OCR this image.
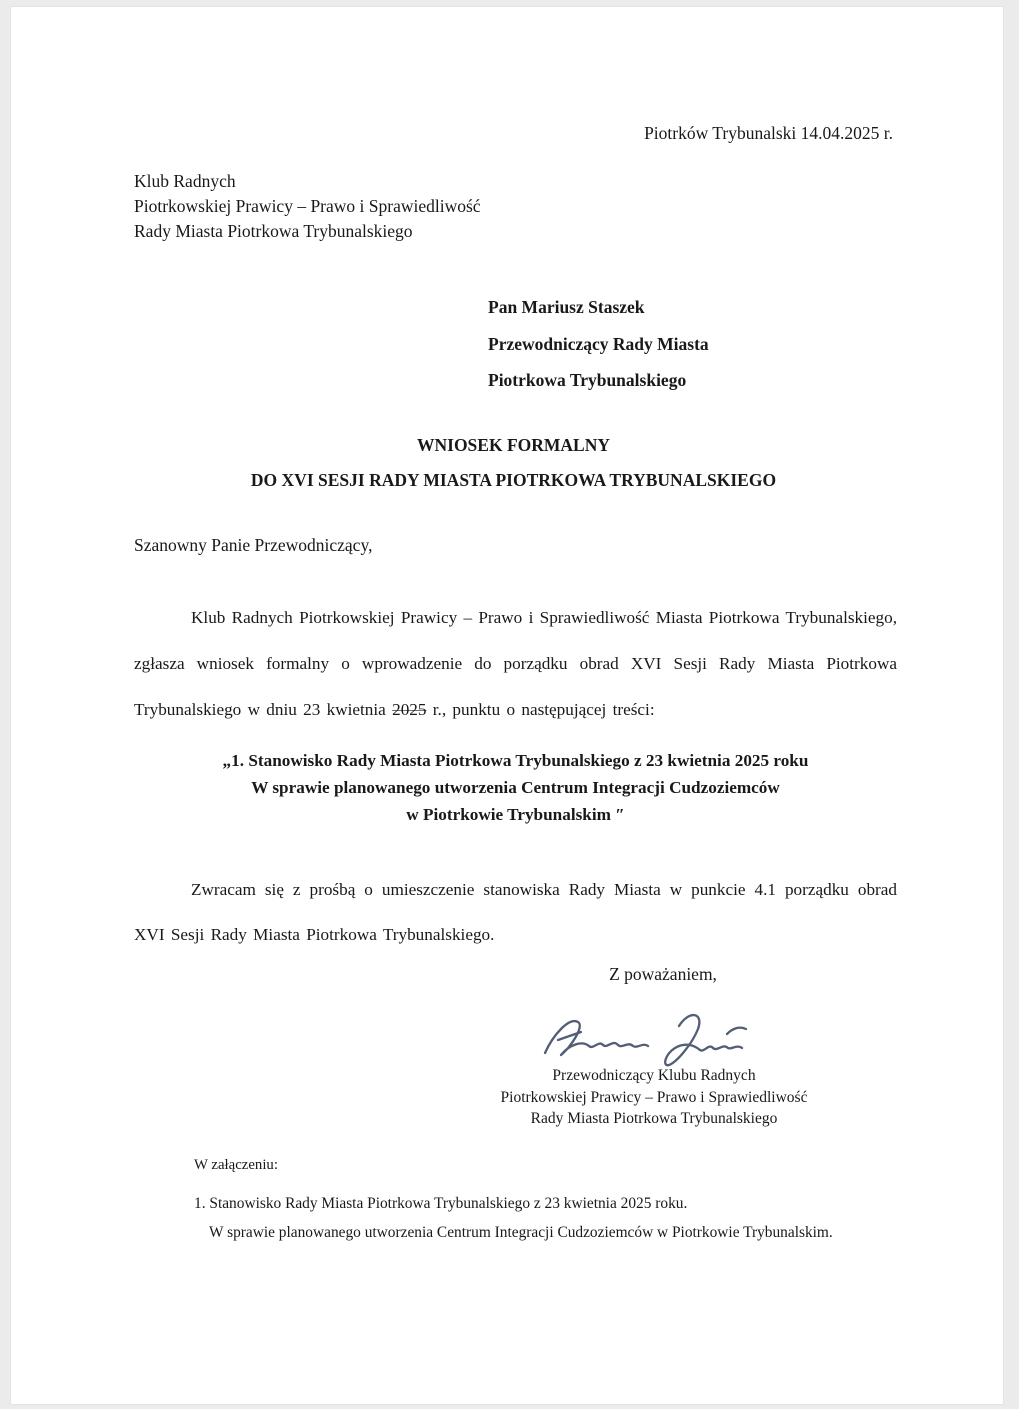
Piotrków Trybunalski 14.04.2025 r.
Klub Radnych
Piotrkowskiej Prawicy – Prawo i Sprawiedliwość
Rady Miasta Piotrkowa Trybunalskiego
Pan Mariusz Staszek
Przewodniczący Rady Miasta
Piotrkowa Trybunalskiego
WNIOSEK FORMALNY
DO XVI SESJI RADY MIASTA PIOTRKOWA TRYBUNALSKIEGO
Szanowny Panie Przewodniczący,

Klub Radnych Piotrkowskiej Prawicy – Prawo i Sprawiedliwość Miasta Piotrkowa Trybunalskiego, zgłasza wniosek formalny o wprowadzenie do porządku obrad XVI Sesji Rady Miasta Piotrkowa Trybunalskiego w dniu 23 kwietnia 2025 r., punktu o następującej treści:

„1. Stanowisko Rady Miasta Piotrkowa Trybunalskiego z 23 kwietnia 2025 roku
W sprawie planowanego utworzenia Centrum Integracji Cudzoziemców
w Piotrkowie Trybunalskim ″

Zwracam się z prośbą o umieszczenie stanowiska Rady Miasta w punkcie 4.1 porządku obrad XVI Sesji Rady Miasta Piotrkowa Trybunalskiego.

Z poważaniem,
Przewodniczący Klubu Radnych
Piotrkowskiej Prawicy – Prawo i Sprawiedliwość
Rady Miasta Piotrkowa Trybunalskiego
W załączeniu:
1. Stanowisko Rady Miasta Piotrkowa Trybunalskiego z 23 kwietnia 2025 roku.
W sprawie planowanego utworzenia Centrum Integracji Cudzoziemców w Piotrkowie Trybunalskim.
